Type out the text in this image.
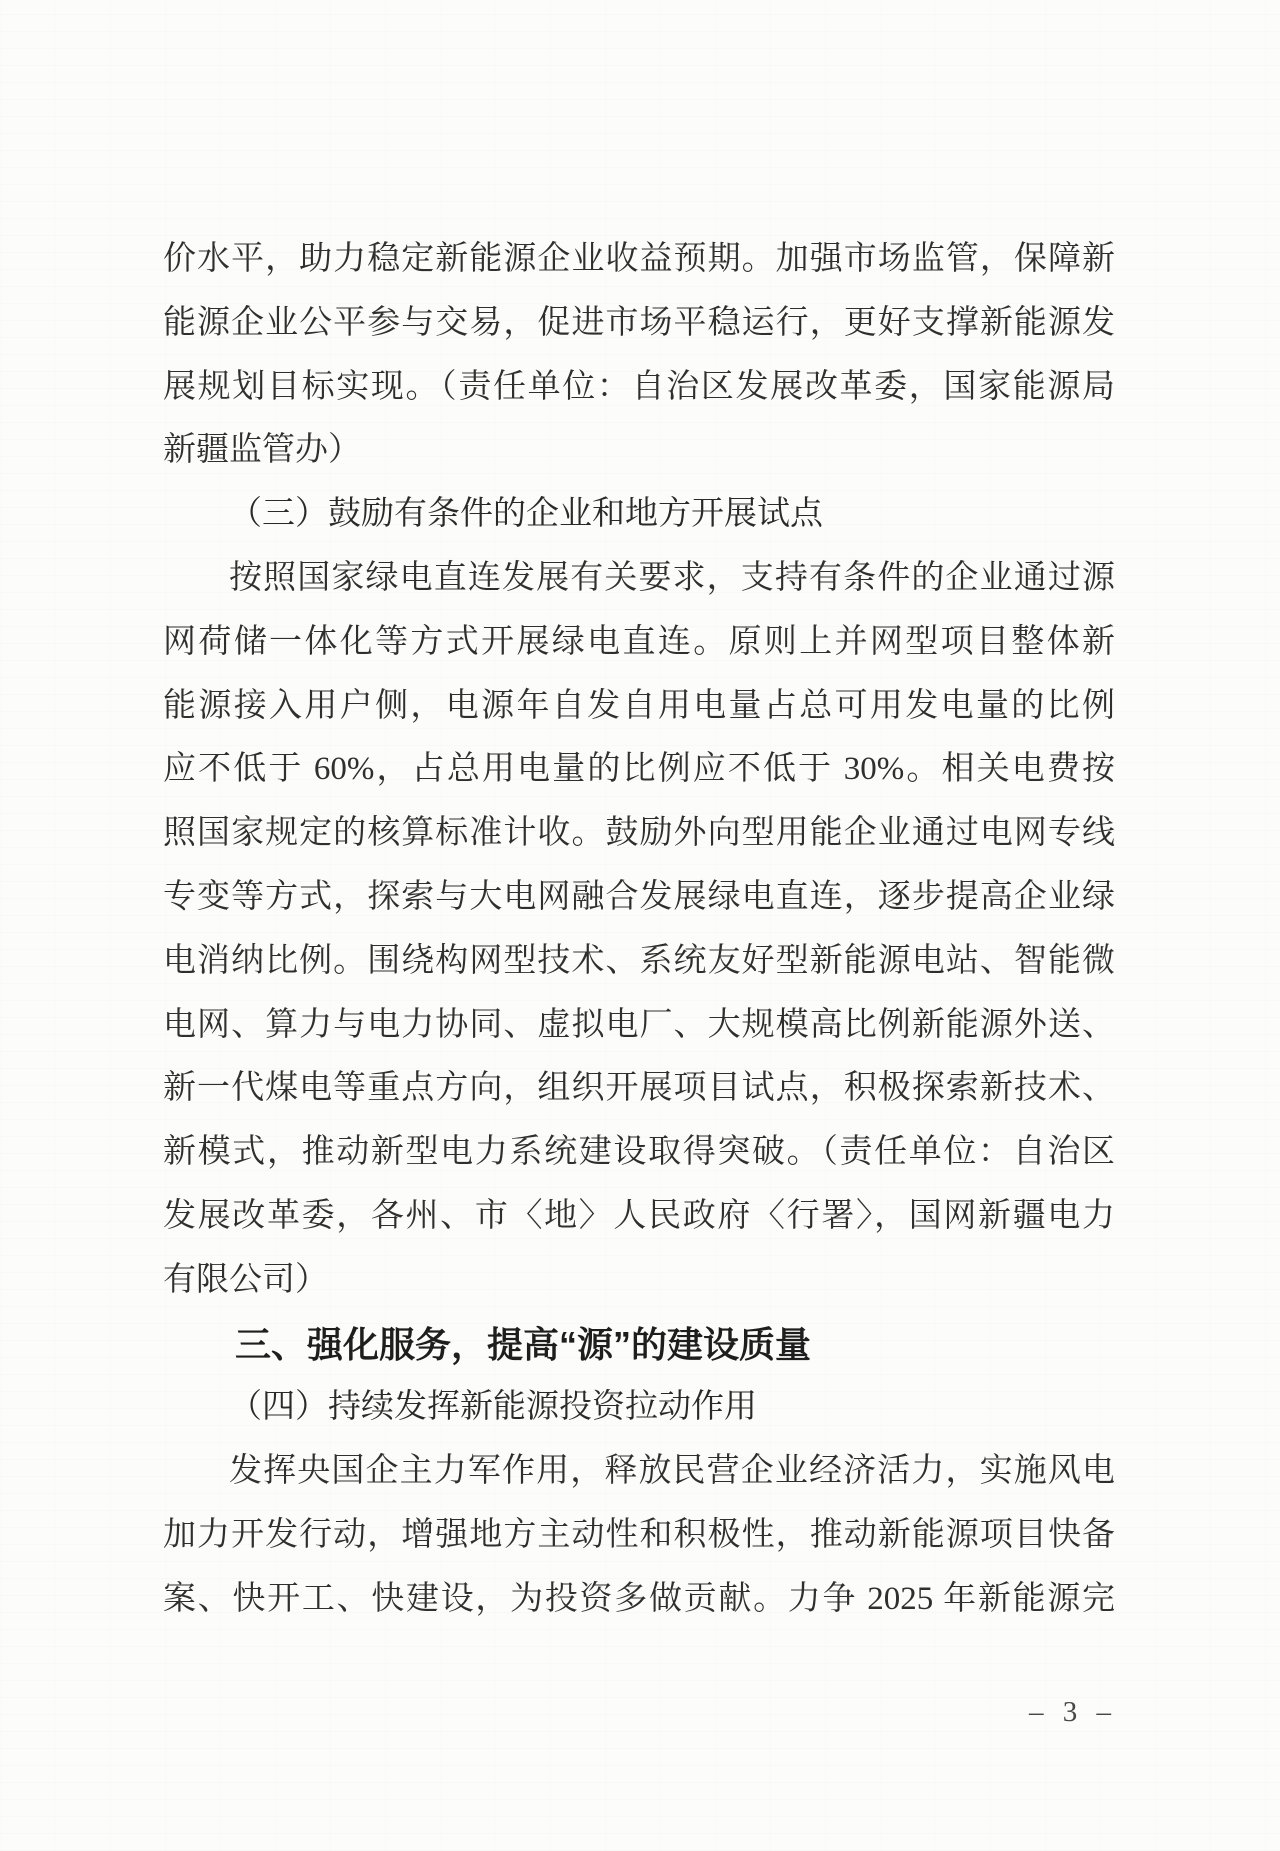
价水平，助力稳定新能源企业收益预期。加强市场监管，保障新
能源企业公平参与交易，促进市场平稳运行，更好支撑新能源发
展规划目标实现。（责任单位：自治区发展改革委，国家能源局
新疆监管办）
（三）鼓励有条件的企业和地方开展试点
按照国家绿电直连发展有关要求，支持有条件的企业通过源
网荷储一体化等方式开展绿电直连。原则上并网型项目整体新
能源接入用户侧，电源年自发自用电量占总可用发电量的比例
应不低于 60%，占总用电量的比例应不低于 30%。相关电费按
照国家规定的核算标准计收。鼓励外向型用能企业通过电网专线
专变等方式，探索与大电网融合发展绿电直连，逐步提高企业绿
电消纳比例。围绕构网型技术、系统友好型新能源电站、智能微
电网、算力与电力协同、虚拟电厂、大规模高比例新能源外送、
新一代煤电等重点方向，组织开展项目试点，积极探索新技术、
新模式，推动新型电力系统建设取得突破。（责任单位：自治区
发展改革委，各州、市〈地〉人民政府〈行署〉，国网新疆电力
有限公司）
三、强化服务，提高“源”的建设质量
（四）持续发挥新能源投资拉动作用
发挥央国企主力军作用，释放民营企业经济活力，实施风电
加力开发行动，增强地方主动性和积极性，推动新能源项目快备
案、快开工、快建设，为投资多做贡献。力争 2025 年新能源完
– 3 –
